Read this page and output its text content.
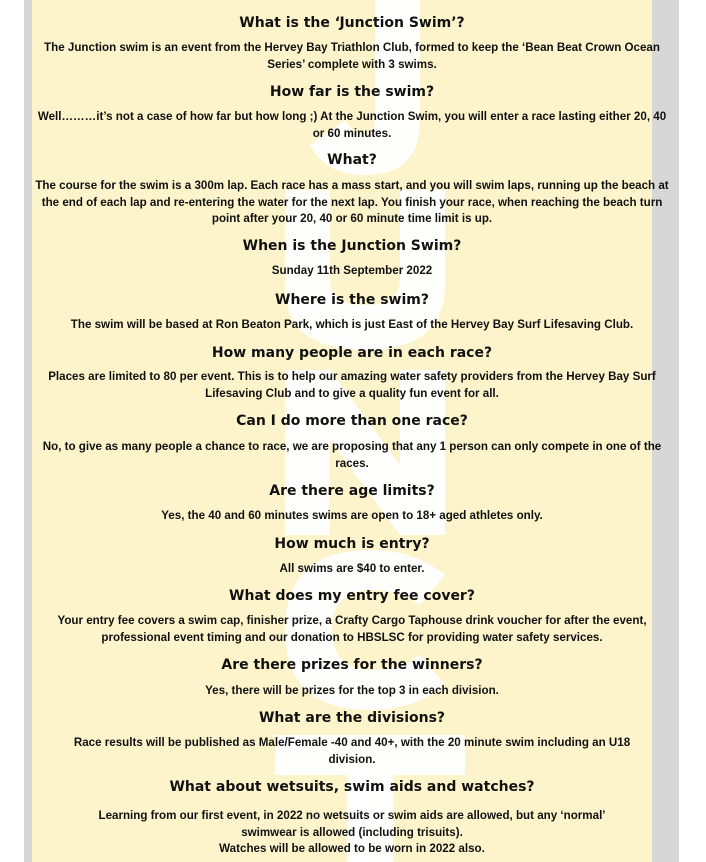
What is the ‘Junction Swim’?

The Junction swim is an event from the Hervey Bay Triathlon Club, formed to keep the ‘Bean Beat Crown Ocean
Series’ complete with 3 swims.

How far is the swim?

Well………it’s not a case of how far but how long ;) At the Junction Swim, you will enter a race lasting either 20, 40
or 60 minutes.

What?

The course for the swim is a 300m lap. Each race has a mass start, and you will swim laps, running up the beach at
the end of each lap and re-entering the water for the next lap. You finish your race, when reaching the beach turn
point after your 20, 40 or 60 minute time limit is up.

When is the Junction Swim?

Sunday 11th September 2022

Where is the swim?

The swim will be based at Ron Beaton Park, which is just East of the Hervey Bay Surf Lifesaving Club.

How many people are in each race?

Places are limited to 80 per event. This is to help our amazing water safety providers from the Hervey Bay Surf
Lifesaving Club and to give a quality fun event for all.

Can I do more than one race?

No, to give as many people a chance to race, we are proposing that any 1 person can only compete in one of the
races.

Are there age limits?

Yes, the 40 and 60 minutes swims are open to 18+ aged athletes only.

How much is entry?

All swims are $40 to enter.

What does my entry fee cover?

Your entry fee covers a swim cap, finisher prize, a Crafty Cargo Taphouse drink voucher for after the event,
professional event timing and our donation to HBSLSC for providing water safety services.

Are there prizes for the winners?

Yes, there will be prizes for the top 3 in each division.

What are the divisions?

Race results will be published as Male/Female -40 and 40+, with the 20 minute swim including an U18
division.

What about wetsuits, swim aids and watches?

Learning from our first event, in 2022 no wetsuits or swim aids are allowed, but any ‘normal’
swimwear is allowed (including trisuits).
Watches will be allowed to be worn in 2022 also.
